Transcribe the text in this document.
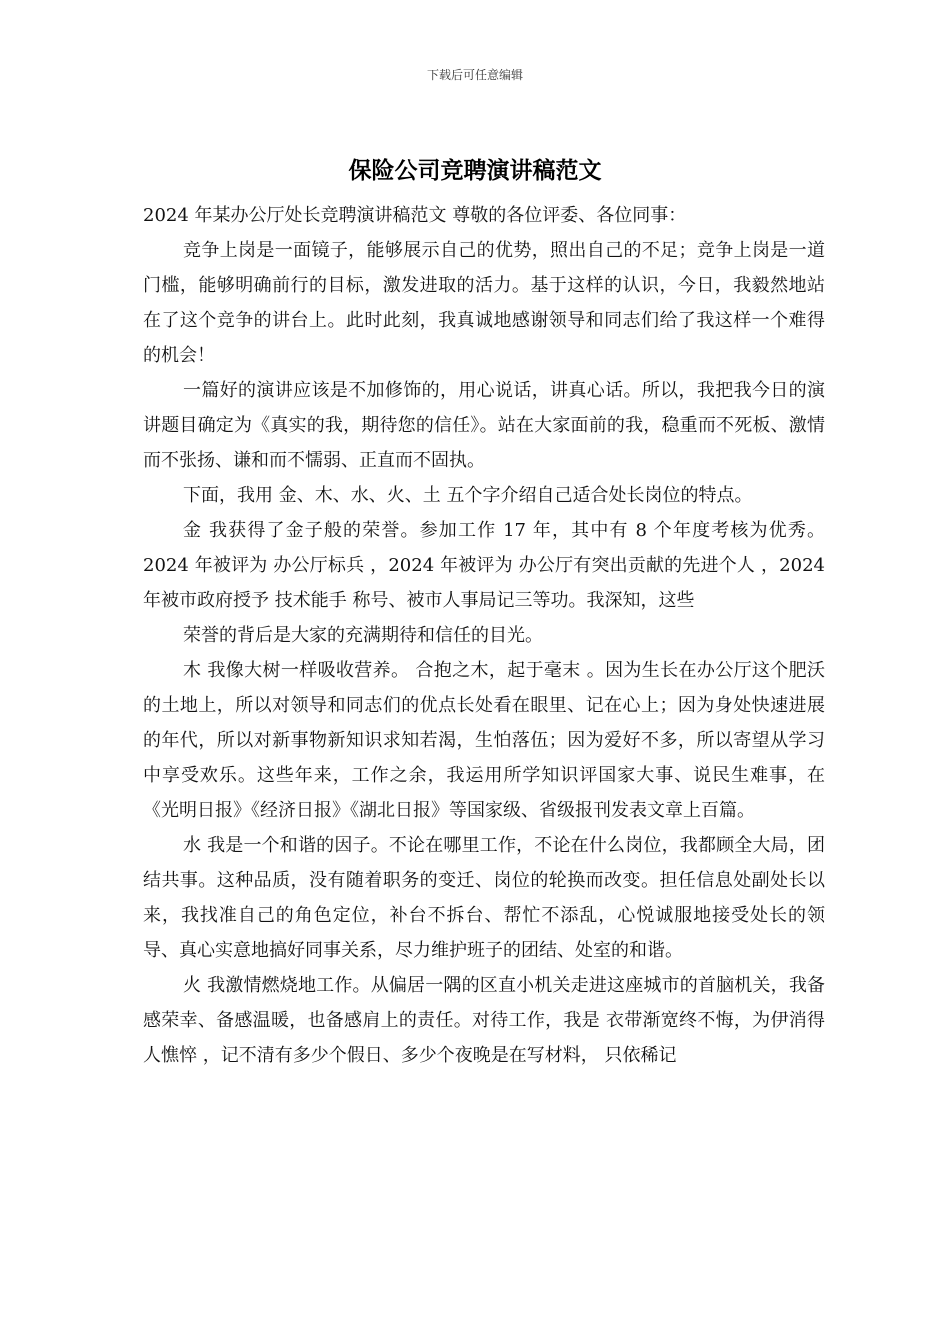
下载后可任意编辑
保险公司竞聘演讲稿范文

2024 年某办公厅处长竞聘演讲稿范文 尊敬的各位评委、各位同事：

竞争上岗是一面镜子，能够展示自己的优势，照出自己的不足；竞争上岗是一道门槛，能够明确前行的目标，激发进取的活力。基于这样的认识，今日，我毅然地站在了这个竞争的讲台上。此时此刻，我真诚地感谢领导和同志们给了我这样一个难得的机会！

一篇好的演讲应该是不加修饰的，用心说话，讲真心话。所以，我把我今日的演讲题目确定为《真实的我，期待您的信任》。站在大家面前的我，稳重而不死板、激情而不张扬、谦和而不懦弱、正直而不固执。

下面，我用 金、木、水、火、土 五个字介绍自己适合处长岗位的特点。

金 我获得了金子般的荣誉。参加工作 17 年，其中有 8 个年度考核为优秀。2024 年被评为 办公厅标兵 ，2024 年被评为 办公厅有突出贡献的先进个人 ，2024 年被市政府授予 技术能手 称号、被市人事局记三等功。我深知，这些

荣誉的背后是大家的充满期待和信任的目光。

木 我像大树一样吸收营养。 合抱之木，起于毫末 。因为生长在办公厅这个肥沃的土地上，所以对领导和同志们的优点长处看在眼里、记在心上；因为身处快速进展的年代，所以对新事物新知识求知若渴，生怕落伍；因为爱好不多，所以寄望从学习中享受欢乐。这些年来，工作之余，我运用所学知识评国家大事、说民生难事，在《光明日报》《经济日报》《湖北日报》等国家级、省级报刊发表文章上百篇。

水 我是一个和谐的因子。不论在哪里工作，不论在什么岗位，我都顾全大局，团结共事。这种品质，没有随着职务的变迁、岗位的轮换而改变。担任信息处副处长以来，我找准自己的角色定位，补台不拆台、帮忙不添乱，心悦诚服地接受处长的领导、真心实意地搞好同事关系，尽力维护班子的团结、处室的和谐。

火 我激情燃烧地工作。从偏居一隅的区直小机关走进这座城市的首脑机关，我备感荣幸、备感温暖，也备感肩上的责任。对待工作，我是 衣带渐宽终不悔，为伊消得人憔悴 ，记不清有多少个假日、多少个夜晚是在写材料， 只依稀记
